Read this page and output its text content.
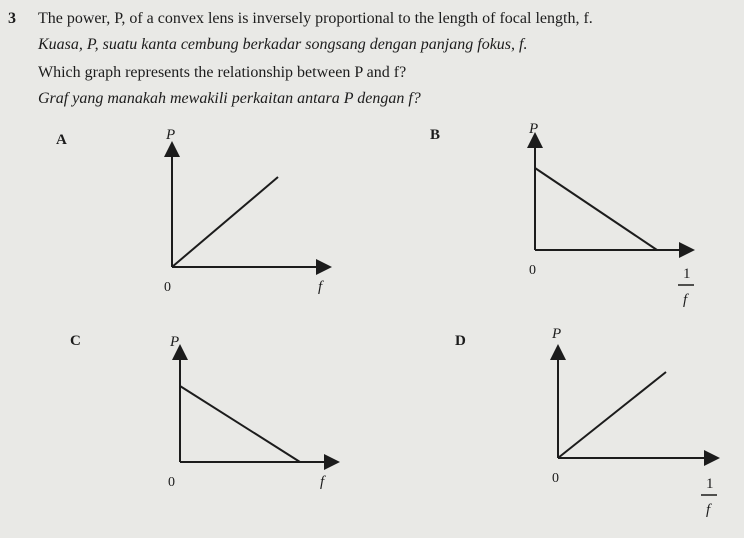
3 The power, P, of a convex lens is inversely proportional to the length of focal length, f.
Kuasa, P, suatu kanta cembung berkadar songsang dengan panjang fokus, f.
Which graph represents the relationship between P and f?
Graf yang manakah mewakili perkaitan antara P dengan f?
A	P
0	f
B	P
0	1
f
C	P
0	f
D	P
0	1
f
